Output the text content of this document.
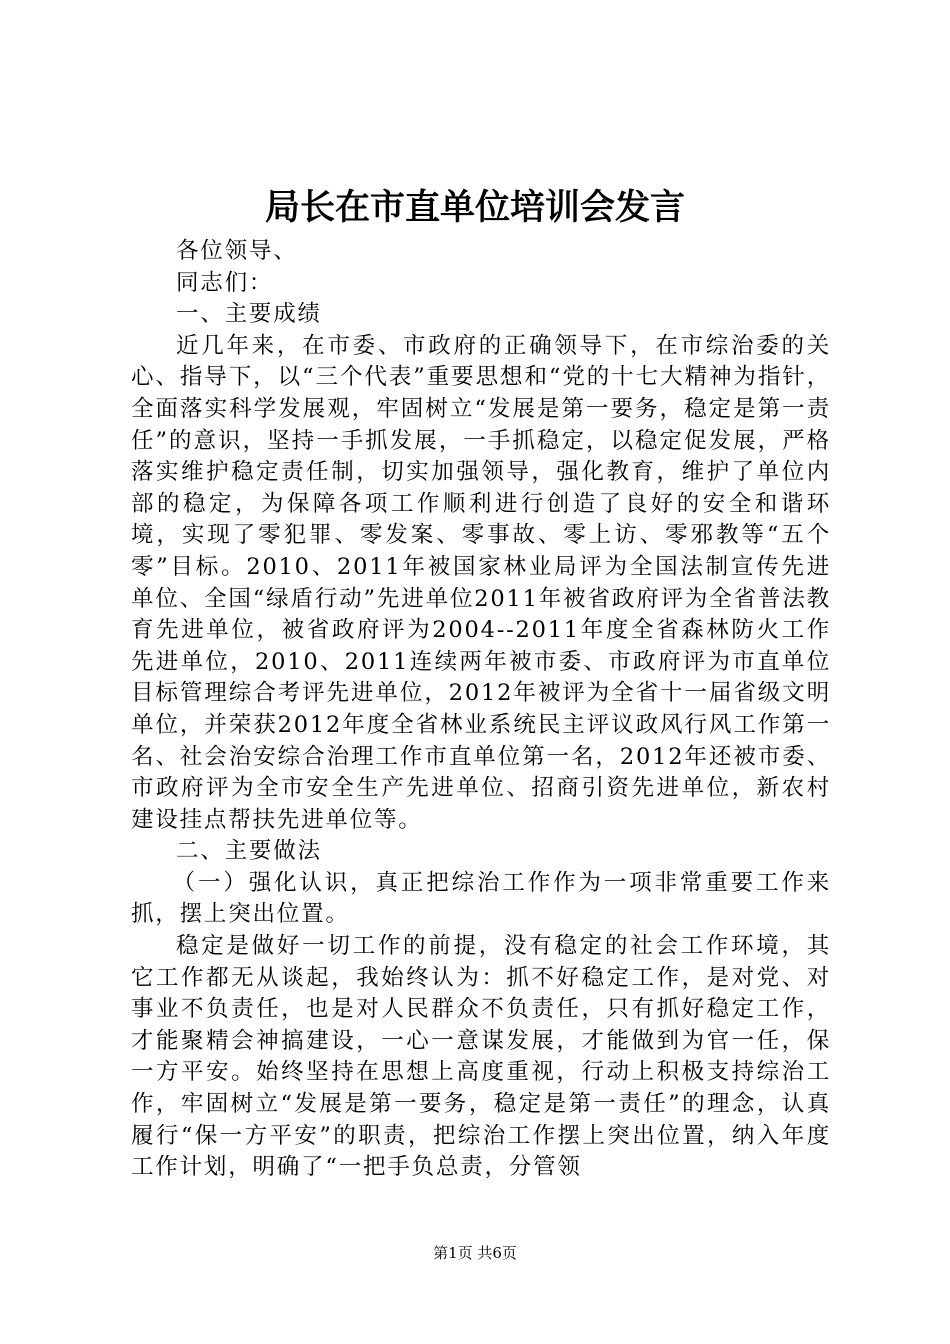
局长在市直单位培训会发言

各位领导、

同志们：

一、主要成绩

近几年来，在市委、市政府的正确领导下，在市综治委的关心、指导下，以“三个代表”重要思想和“党的十七大精神为指针，全面落实科学发展观，牢固树立“发展是第一要务，稳定是第一责任”的意识，坚持一手抓发展，一手抓稳定，以稳定促发展，严格落实维护稳定责任制，切实加强领导，强化教育，维护了单位内部的稳定，为保障各项工作顺利进行创造了良好的安全和谐环境，实现了零犯罪、零发案、零事故、零上访、零邪教等“五个零”目标。2010、2011年被国家林业局评为全国法制宣传先进单位、全国“绿盾行动”先进单位2011年被省政府评为全省普法教育先进单位，被省政府评为2004--2011年度全省森林防火工作先进单位，2010、2011连续两年被市委、市政府评为市直单位目标管理综合考评先进单位，2012年被评为全省十一届省级文明单位，并荣获2012年度全省林业系统民主评议政风行风工作第一名、社会治安综合治理工作市直单位第一名，2012年还被市委、市政府评为全市安全生产先进单位、招商引资先进单位，新农村建设挂点帮扶先进单位等。

二、主要做法

（一）强化认识，真正把综治工作作为一项非常重要工作来抓，摆上突出位置。

稳定是做好一切工作的前提，没有稳定的社会工作环境，其它工作都无从谈起，我始终认为：抓不好稳定工作，是对党、对事业不负责任，也是对人民群众不负责任，只有抓好稳定工作，才能聚精会神搞建设，一心一意谋发展，才能做到为官一任，保一方平安。始终坚持在思想上高度重视，行动上积极支持综治工作，牢固树立“发展是第一要务，稳定是第一责任”的理念，认真履行“保一方平安”的职责，把综治工作摆上突出位置，纳入年度工作计划，明确了“一把手负总责，分管领

第1页 共6页
